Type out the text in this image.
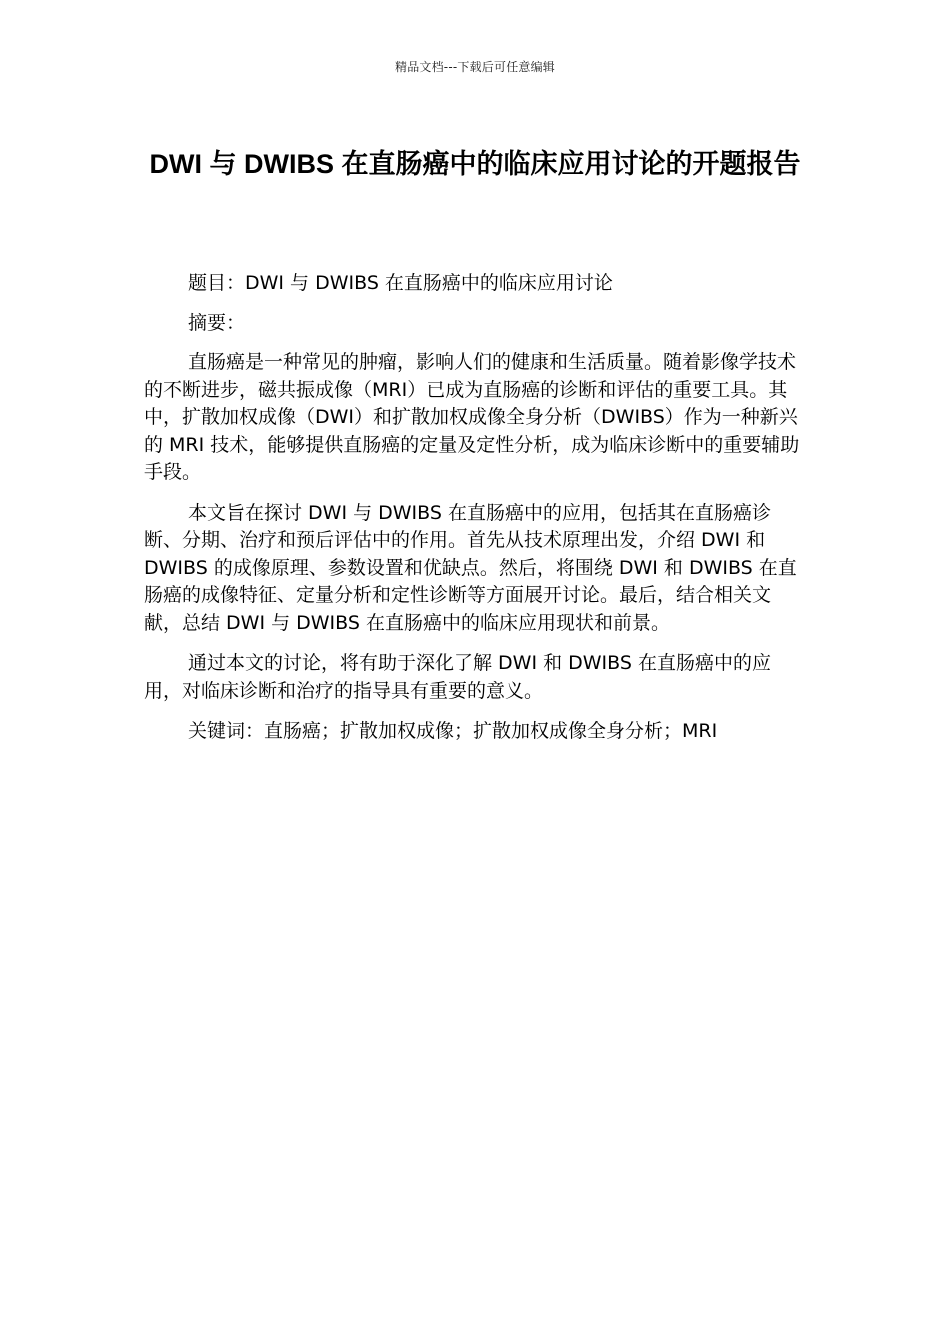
精品文档---下载后可任意编辑
DWI 与 DWIBS 在直肠癌中的临床应用讨论的开题报告

题目：DWI 与 DWIBS 在直肠癌中的临床应用讨论

摘要：

直肠癌是一种常见的肿瘤，影响人们的健康和生活质量。随着影像学技术的不断进步，磁共振成像（MRI）已成为直肠癌的诊断和评估的重要工具。其中，扩散加权成像（DWI）和扩散加权成像全身分析（DWIBS）作为一种新兴的 MRI 技术，能够提供直肠癌的定量及定性分析，成为临床诊断中的重要辅助手段。

本文旨在探讨 DWI 与 DWIBS 在直肠癌中的应用，包括其在直肠癌诊断、分期、治疗和预后评估中的作用。首先从技术原理出发，介绍 DWI 和 DWIBS 的成像原理、参数设置和优缺点。然后，将围绕 DWI 和 DWIBS 在直肠癌的成像特征、定量分析和定性诊断等方面展开讨论。最后，结合相关文献，总结 DWI 与 DWIBS 在直肠癌中的临床应用现状和前景。

通过本文的讨论，将有助于深化了解 DWI 和 DWIBS 在直肠癌中的应用，对临床诊断和治疗的指导具有重要的意义。

关键词：直肠癌；扩散加权成像；扩散加权成像全身分析；MRI
